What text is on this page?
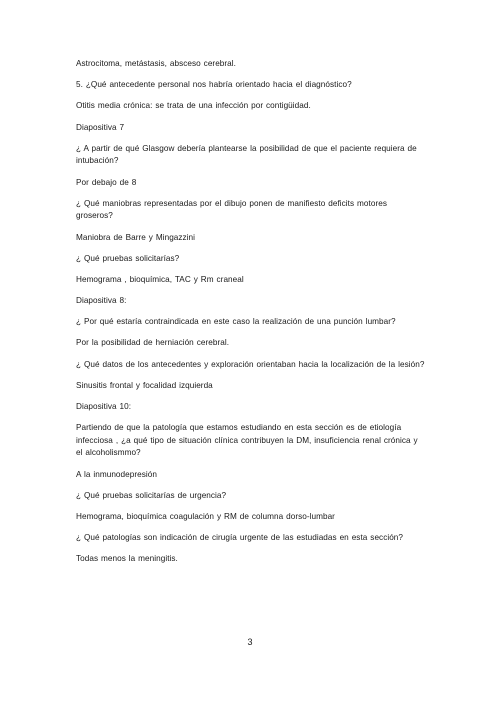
Astrocitoma, metástasis, absceso cerebral.

5. ¿Qué antecedente personal nos habría orientado hacia el diagnóstico?

Otitis media crónica: se trata de una infección por contigüidad.

Diapositiva 7

¿ A partir de qué Glasgow debería plantearse la posibilidad de que el paciente requiera de intubación?

Por debajo de 8

¿ Qué maniobras representadas por el dibujo ponen de manifiesto deficits motores groseros?

Maniobra de Barre y Mingazzini

¿ Qué pruebas solicitarías?

Hemograma , bioquímica, TAC y Rm craneal

Diapositiva 8:

¿ Por qué estaría contraindicada en este caso la realización de una punción lumbar?

Por la posibilidad de herniación cerebral.

¿ Qué datos de los antecedentes y exploración orientaban hacia la localización de la lesión?

Sinusitis frontal y focalidad izquierda

Diapositiva 10:

Partiendo de que la patología que estamos estudiando en esta sección es de etiología infecciosa , ¿a qué tipo de situación clínica contribuyen la DM, insuficiencia renal crónica y el alcoholismmo?

A la inmunodepresión

¿ Qué pruebas solicitarías de urgencia?

Hemograma, bioquímica coagulación y RM de columna dorso-lumbar

¿ Qué patologías son indicación de cirugía urgente de las estudiadas en esta sección?

Todas menos la meningitis.

3
